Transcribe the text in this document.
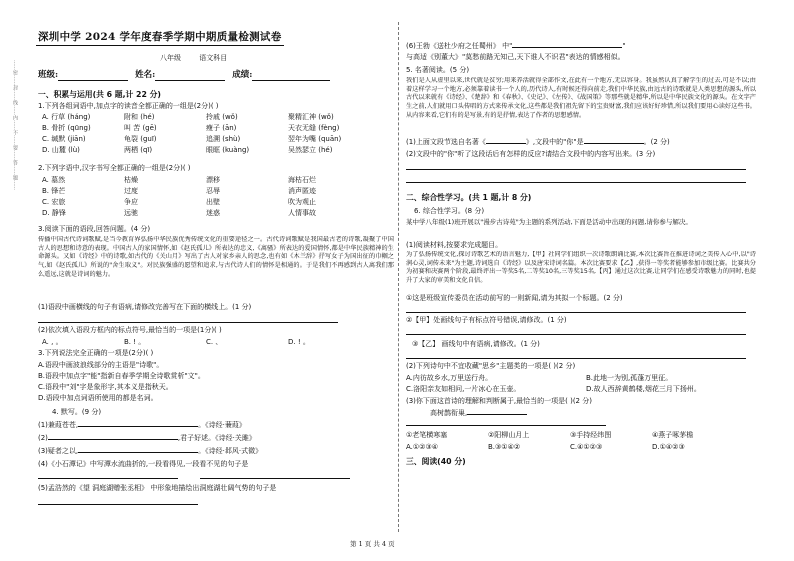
……密……封……线……内……不……要……答……题……
深圳中学 2024 学年度春季学期中期质量检测试卷
八年级	语文科目
班级:	姓名:	成绩:
一、积累与运用(共 6 题,计 22 分)
1.下列各组词语中,加点字的读音全都正确的一组是(2分)( )
A. 行草 (háng)	附和 (hé)	拎戚 (wǒ)	聚精汇神 (wǒ)
B. 骨折 (qūng)	叫 苦 (gē)	瘦子 (ān)	天衣无缝 (fèng)
C. 缄默 (jiān)	龟裂 (guī)	追溯 (shù)	翌年为嘴 (quān)
D. 山麓 (lù)	两栖 (qī)	眼眶 (kuàng)	吴然瑟立 (hé)
2.下列字语中,汉字书写全都正确的一组是(2分)( )
A. 墓然	枯燥	漂移	海枯石烂
B. 锋芒	过度	忍辱	消声匿迹
C. 宏旅	争应	出壁	吹为观止
D. 静锋	远驰	迷惑	人情事故
3.阅读下面的语段,回答问题。(4 分)
传播中国古代诗词歌赋,是当今教育界弘扬中华民族优秀传统文化的重要途径之一。古代诗词歌赋是我国最古老的诗歌,凝聚了中国古人的思想和诗意的表现。中国古人的家国情怀,如《赵氏孤儿》所表达的忠义,《离骚》所表达的爱国情怀,都是中华民族精神的生命源头。又如《诗经》中的诗歌,如古代的《关山月》写出了古人对家乡亲人的思念,也有如《木兰辞》抒写女子为国出征的巾帼之气,如《赵氏孤儿》所说的"舍生取义"。对民族强盛的愿望和追求,与古代诗人们的情怀是相通的。于是我们不再感到古人离我们那么遥远,这就是诗词的魅力。
(1)语段中画横线的句子有语病,请修改完善写在下面的横线上。(1 分)
(2)依次填入语段方框内的标点符号,最恰当的一项是(1分)( )
A. , 。	B. ! 。	C. 、	D. ! 。
3.下列说法完全正确的一项是(2分)( )
A.语段中画波浪线部分的主语是"诗歌"。
B.语段中加点字"能"指新自春季学期全诗歌赏析"文"。
C.语段中"刘"字是象形字,其本义是指秋天。
D.语段中加点词语所使用的都是名词。
4. 默写。(9 分)
(1)兼葭苍苍,	。《诗经·蒹葭》
(2)	,君子好逑。《诗经·关雎》
(3)疑者之以,	。《诗经·邶风·式微》
(4)《小石潭记》中写潭水流曲折的,一段看得见,一段看不见的句子是
(5)孟浩然的《望 洞庭湖赠张丞相》 中形象地描绘出洞庭湖壮阔气势的句子是
(6)王勃《送杜少府之任蜀州》 中"	"
与高适《别董大》"莫愁前路无知己,天下谁人不识君"表达的情感相似。
5. 名著阅读。(5 分)
我们是人从虚里以来,世代就是贫穷;用来养活就得全部作文,在此有一个地方,无以容身。我虽然认真了解学生的过去,可是不以;由着这样学习一个地方,必须靠着读书一个人的,历代诗人,有时候还得向前走,我们中华民族,由远古的诗歌就是人类思想的源头,所以古代以来就有《诗经》、《楚辞》和《春秋》、《史记》、《左传》、《战国策》等那些就是精华,所以是中华民族文化的源头。在文字产生之前,人们就用口头传唱的方式来传承文化,这些都是我们祖先留下的宝贵财富,我们应该好好珍惜,所以我们要用心读好这些书。从内容来看,它们有的是写景,有的是抒情,表达了作者的思想感情。
(1)上面文段节选自名著《	》,文段中的"你"是	。(2 分)
(2)文段中的"你"听了这段话后有怎样的反应?请结合文段中的内容写出来。(3 分)
二、综合性学习。(共 1 题,计 8 分)
6. 综合性学习。(8 分)
某中学八年级(1)班开展以"漫步古诗苑"为主题的系列活动,下面是活动中出现的问题,请你参与解决。
(1)阅读材料,按要求完成题目。
为了弘扬传统文化,探讨诗歌艺术的语言魅力,【甲】社同学们组织一次诗歌朗诵比赛,本次比赛旨在推进诗词之美传入心中,以"诗润心灵,词传未来"为主题,诗词选自《诗经》以及唐宋诗词名篇。本次比赛要求【乙】,获得一等奖者能够参加市级比赛。比赛共分为初赛和决赛两个阶段,最终评出一等奖5名,二等奖10名,三等奖15名,【丙】通过这次比赛,让同学们在感受诗歌魅力的同时,也提升了大家的审美和文化自信。
①这是班级宣传委员在活动前写的一则新闻,请为其拟一个标题。(2 分)
②【甲】处画线句子有标点符号错误,请修改。(1 分)
③【乙】 画线句中有语病,请修改。(1 分)
(2)下列诗句中不宜收藏"思乡"主题类的一项是( )(2 分)
A.内彷故乡水,万里送行舟。	B.此地一为别,孤蓬万里征。
C.洛阳亲友如相问,一片冰心在玉壶。	D.故人西辞黄鹤楼,烟花三月下扬州。
(3)你下面这首诗的理解和判断属于,最恰当的一项是( )(2 分)
高树鹊衔巢,
①老笔横寒塞	②阳柳山月上	③手持经纬图	④燕子啄茅檐
A.①②③④	B.③①④②	C.④①②③	D.①④②③
三、阅读(40 分)
第 1 页 共 4 页
